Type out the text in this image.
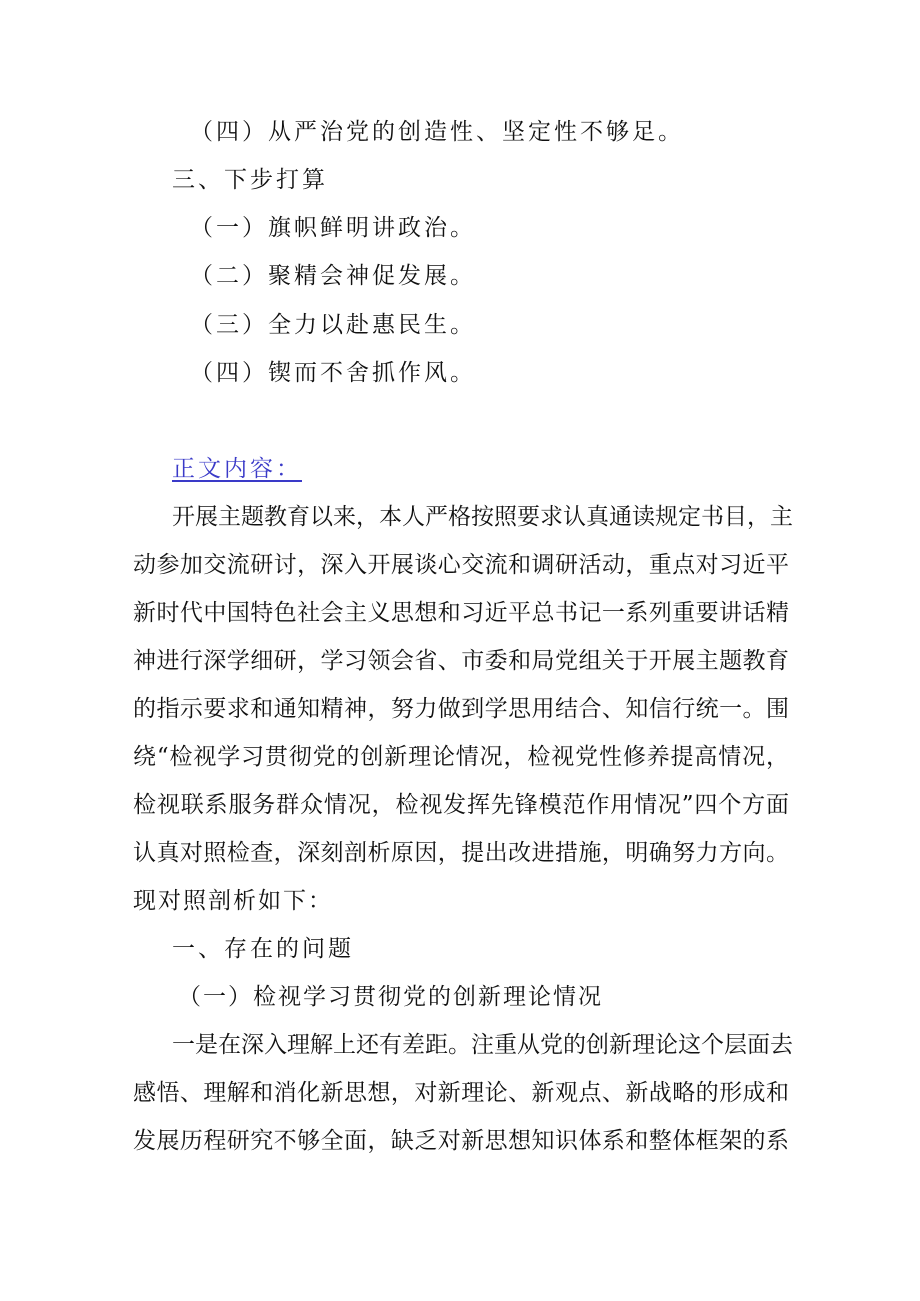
（四）从严治党的创造性、坚定性不够足。

三、下步打算

（一）旗帜鲜明讲政治。

（二）聚精会神促发展。

（三）全力以赴惠民生。

（四）锲而不舍抓作风。

正文内容：

开展主题教育以来，本人严格按照要求认真通读规定书目，主

动参加交流研讨，深入开展谈心交流和调研活动，重点对习近平

新时代中国特色社会主义思想和习近平总书记一系列重要讲话精

神进行深学细研，学习领会省、市委和局党组关于开展主题教育

的指示要求和通知精神，努力做到学思用结合、知信行统一。围

绕“检视学习贯彻党的创新理论情况，检视党性修养提高情况，

检视联系服务群众情况，检视发挥先锋模范作用情况”四个方面

认真对照检查，深刻剖析原因，提出改进措施，明确努力方向。

现对照剖析如下：

一、存在的问题

（一）检视学习贯彻党的创新理论情况

一是在深入理解上还有差距。注重从党的创新理论这个层面去

感悟、理解和消化新思想，对新理论、新观点、新战略的形成和

发展历程研究不够全面，缺乏对新思想知识体系和整体框架的系
